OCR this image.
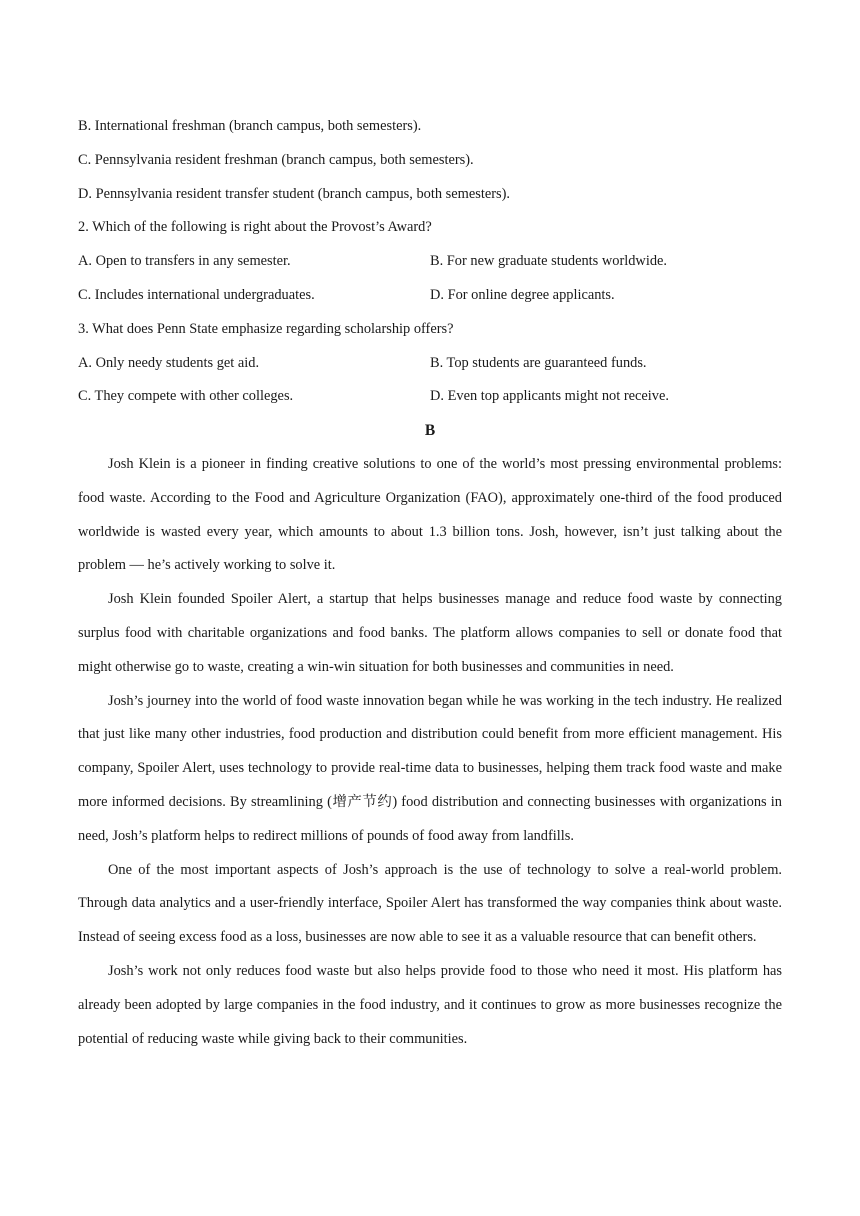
B. International freshman (branch campus, both semesters).

C. Pennsylvania resident freshman (branch campus, both semesters).

D. Pennsylvania resident transfer student (branch campus, both semesters).

2. Which of the following is right about the Provost’s Award?

A. Open to transfers in any semester.	B. For new graduate students worldwide.
C. Includes international undergraduates.	D. For online degree applicants.

3. What does Penn State emphasize regarding scholarship offers?

A. Only needy students get aid.	B. Top students are guaranteed funds.
C. They compete with other colleges.	D. Even top applicants might not receive.
B

Josh Klein is a pioneer in finding creative solutions to one of the world’s most pressing environmental problems: food waste. According to the Food and Agriculture Organization (FAO), approximately one-third of the food produced worldwide is wasted every year, which amounts to about 1.3 billion tons. Josh, however, isn’t just talking about the problem — he’s actively working to solve it.

Josh Klein founded Spoiler Alert, a startup that helps businesses manage and reduce food waste by connecting surplus food with charitable organizations and food banks. The platform allows companies to sell or donate food that might otherwise go to waste, creating a win-win situation for both businesses and communities in need.

Josh’s journey into the world of food waste innovation began while he was working in the tech industry. He realized that just like many other industries, food production and distribution could benefit from more efficient management. His company, Spoiler Alert, uses technology to provide real-time data to businesses, helping them track food waste and make more informed decisions. By streamlining (增产节约) food distribution and connecting businesses with organizations in need, Josh’s platform helps to redirect millions of pounds of food away from landfills.

One of the most important aspects of Josh’s approach is the use of technology to solve a real-world problem. Through data analytics and a user-friendly interface, Spoiler Alert has transformed the way companies think about waste. Instead of seeing excess food as a loss, businesses are now able to see it as a valuable resource that can benefit others.

Josh’s work not only reduces food waste but also helps provide food to those who need it most. His platform has already been adopted by large companies in the food industry, and it continues to grow as more businesses recognize the potential of reducing waste while giving back to their communities.
